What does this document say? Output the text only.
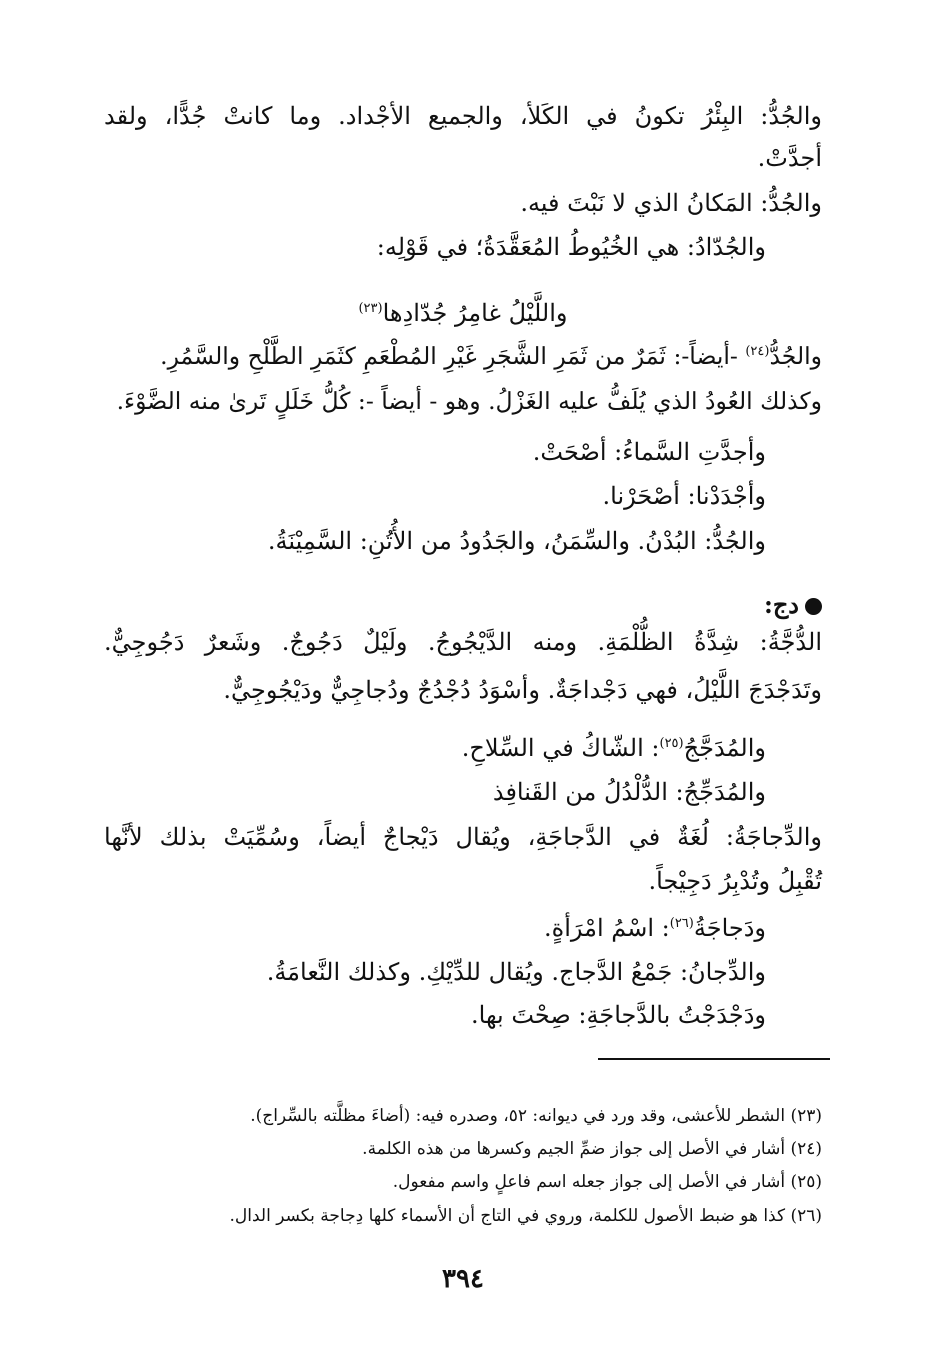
والجُدُّ: البِئْرُ تكونُ في الكَلأ، والجميع الأجْداد. وما كانتْ جُدًّا، ولقد
أجدَّتْ.
والجُدُّ: المَكانُ الذي لا نَبْتَ فيه.
والجُدّادُ: هي الخُيُوطُ المُعَقَّدَةُ؛ في قَوْلِه:
واللَّيْلُ غامِرُ جُدّادِها$^{(٢٣)}$
والجُدُّ$^{(٢٤)}$ -أيضاً-: ثَمَرٌ من ثَمَرِ الشَّجَرِ غَيْرِ المُطْعَمِ كثَمَرِ الطَّلْحِ والسَّمُرِ.
وكذلك العُودُ الذي يُلَفُّ عليه الغَزْلُ. وهو - أيضاً -: كُلُّ خَلَلٍ تَرىٰ منه الضَّوْءَ.
وأجدَّتِ السَّماءُ: أصْحَتْ.
وأجْدَدْنا: أصْحَرْنا.
والجُدُّ: البُدْنُ. والسِّمَنُ، والجَدُودُ من الأُتُنِ: السَّمِيْنَةُ.
دج:
الدُّجَّةُ: شِدَّةُ الظُّلْمَةِ. ومنه الدَّيْجُوجُ. ولَيْلٌ دَجُوجٌ. وشَعرٌ دَجُوجِيٌّ.
وتَدَجْدَجَ اللَّيْلُ، فهي دَجْداجَةٌ. وأسْوَدُ دُجْدُجٌ ودُجاجِيٌّ ودَيْجُوجِيٌّ.
والمُدَجَّجُ$^{(٢٥)}$: الشّاكُ في السِّلاحِ.
والمُدَجِّجُ: الدُّلْدُلُ من القَنافِذ
والدِّجاجَةُ: لُغَةٌ في الدَّجاجَةِ، ويُقال دَيْجاجٌ أيضاً، وسُمِّيَتْ بذلك لأنَّها
تُقْبِلُ وتُدْبِرُ دَجِيْجاً.
ودَجاجَةُ$^{(٢٦)}$: اسْمُ امْرَأةٍ.
والدِّجانُ: جَمْعُ الدَّجاج. ويُقال للدِّيْكِ. وكذلك النَّعامَةُ.
ودَجْدَجْتُ بالدَّجاجَةِ: صِحْتَ بها.
(٢٣) الشطر للأعشى، وقد ورد في ديوانه: ٥٢، وصدره فيه: (أضاءَ مظلَّته بالسِّراج).
(٢٤) أشار في الأصل إلى جواز ضمِّ الجيم وكسرها من هذه الكلمة.
(٢٥) أشار في الأصل إلى جواز جعله اسم فاعلٍ واسم مفعول.
(٢٦) كذا هو ضبط الأصول للكلمة، وروي في التاج أن الأسماء كلها دِجاجة بكسر الدال.
٣٩٤
